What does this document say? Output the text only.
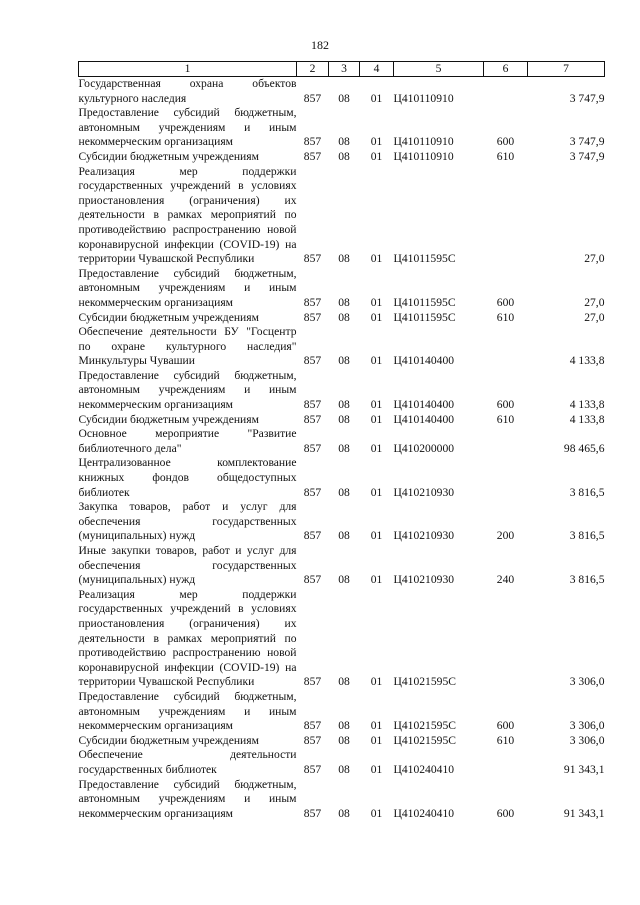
182
1	2	3	4	5	6	7
Государственная охрана объектов культурного наследия	857	08	01	Ц410110910		3 747,9
Предоставление субсидий бюджетным, автономным учреждениям и иным некоммерческим организациям	857	08	01	Ц410110910	600	3 747,9
Субсидии бюджетным учреждениям	857	08	01	Ц410110910	610	3 747,9
Реализация мер поддержки государственных учреждений в условиях приостановления (ограничения) их деятельности в рамках мероприятий по противодействию распространению новой коронавирусной инфекции (COVID-19) на территории Чувашской Республики	857	08	01	Ц41011595С		27,0
Предоставление субсидий бюджетным, автономным учреждениям и иным некоммерческим организациям	857	08	01	Ц41011595С	600	27,0
Субсидии бюджетным учреждениям	857	08	01	Ц41011595С	610	27,0
Обеспечение деятельности БУ "Госцентр по охране культурного наследия" Минкультуры Чувашии	857	08	01	Ц410140400		4 133,8
Предоставление субсидий бюджетным, автономным учреждениям и иным некоммерческим организациям	857	08	01	Ц410140400	600	4 133,8
Субсидии бюджетным учреждениям	857	08	01	Ц410140400	610	4 133,8
Основное мероприятие "Развитие библиотечного дела"	857	08	01	Ц410200000		98 465,6
Централизованное комплектование книжных фондов общедоступных библиотек	857	08	01	Ц410210930		3 816,5
Закупка товаров, работ и услуг для обеспечения государственных (муниципальных) нужд	857	08	01	Ц410210930	200	3 816,5
Иные закупки товаров, работ и услуг для обеспечения государственных (муниципальных) нужд	857	08	01	Ц410210930	240	3 816,5
Реализация мер поддержки государственных учреждений в условиях приостановления (ограничения) их деятельности в рамках мероприятий по противодействию распространению новой коронавирусной инфекции (COVID-19) на территории Чувашской Республики	857	08	01	Ц41021595С		3 306,0
Предоставление субсидий бюджетным, автономным учреждениям и иным некоммерческим организациям	857	08	01	Ц41021595С	600	3 306,0
Субсидии бюджетным учреждениям	857	08	01	Ц41021595С	610	3 306,0
Обеспечение деятельности государственных библиотек	857	08	01	Ц410240410		91 343,1
Предоставление субсидий бюджетным, автономным учреждениям и иным некоммерческим организациям	857	08	01	Ц410240410	600	91 343,1
